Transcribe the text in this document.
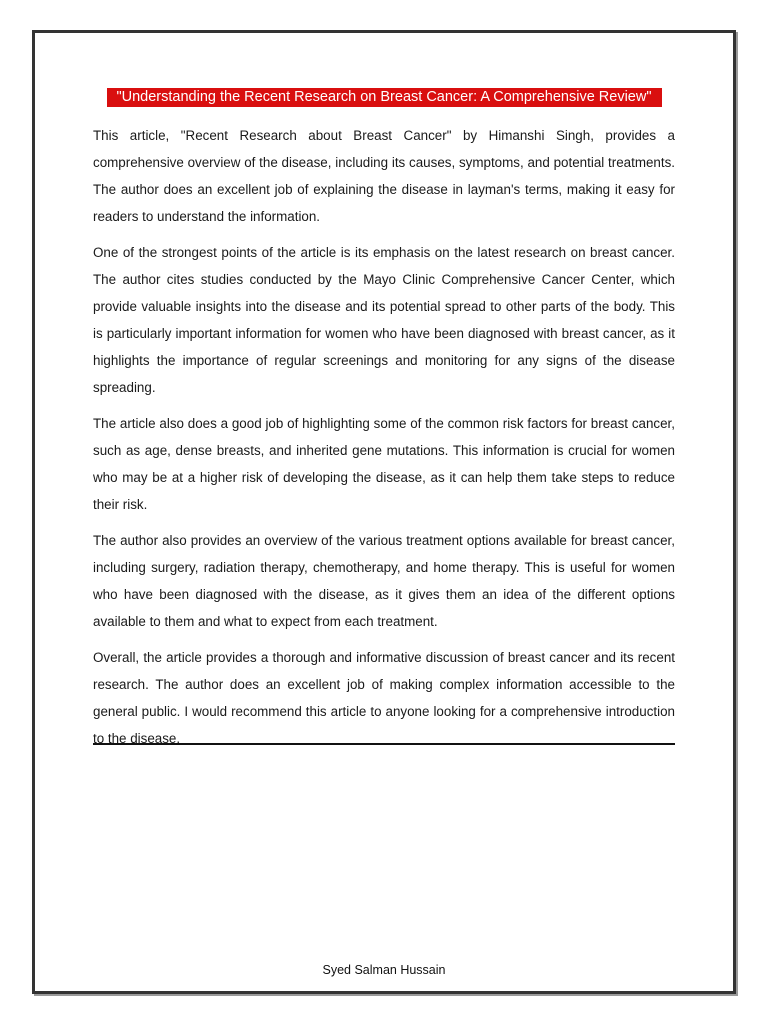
"Understanding the Recent Research on Breast Cancer: A Comprehensive Review"

This article, "Recent Research about Breast Cancer" by Himanshi Singh, provides a comprehensive overview of the disease, including its causes, symptoms, and potential treatments. The author does an excellent job of explaining the disease in layman's terms, making it easy for readers to understand the information.

One of the strongest points of the article is its emphasis on the latest research on breast cancer. The author cites studies conducted by the Mayo Clinic Comprehensive Cancer Center, which provide valuable insights into the disease and its potential spread to other parts of the body. This is particularly important information for women who have been diagnosed with breast cancer, as it highlights the importance of regular screenings and monitoring for any signs of the disease spreading.

The article also does a good job of highlighting some of the common risk factors for breast cancer, such as age, dense breasts, and inherited gene mutations. This information is crucial for women who may be at a higher risk of developing the disease, as it can help them take steps to reduce their risk.

The author also provides an overview of the various treatment options available for breast cancer, including surgery, radiation therapy, chemotherapy, and home therapy. This is useful for women who have been diagnosed with the disease, as it gives them an idea of the different options available to them and what to expect from each treatment.

Overall, the article provides a thorough and informative discussion of breast cancer and its recent research. The author does an excellent job of making complex information accessible to the general public. I would recommend this article to anyone looking for a comprehensive introduction to the disease.

Syed Salman Hussain
